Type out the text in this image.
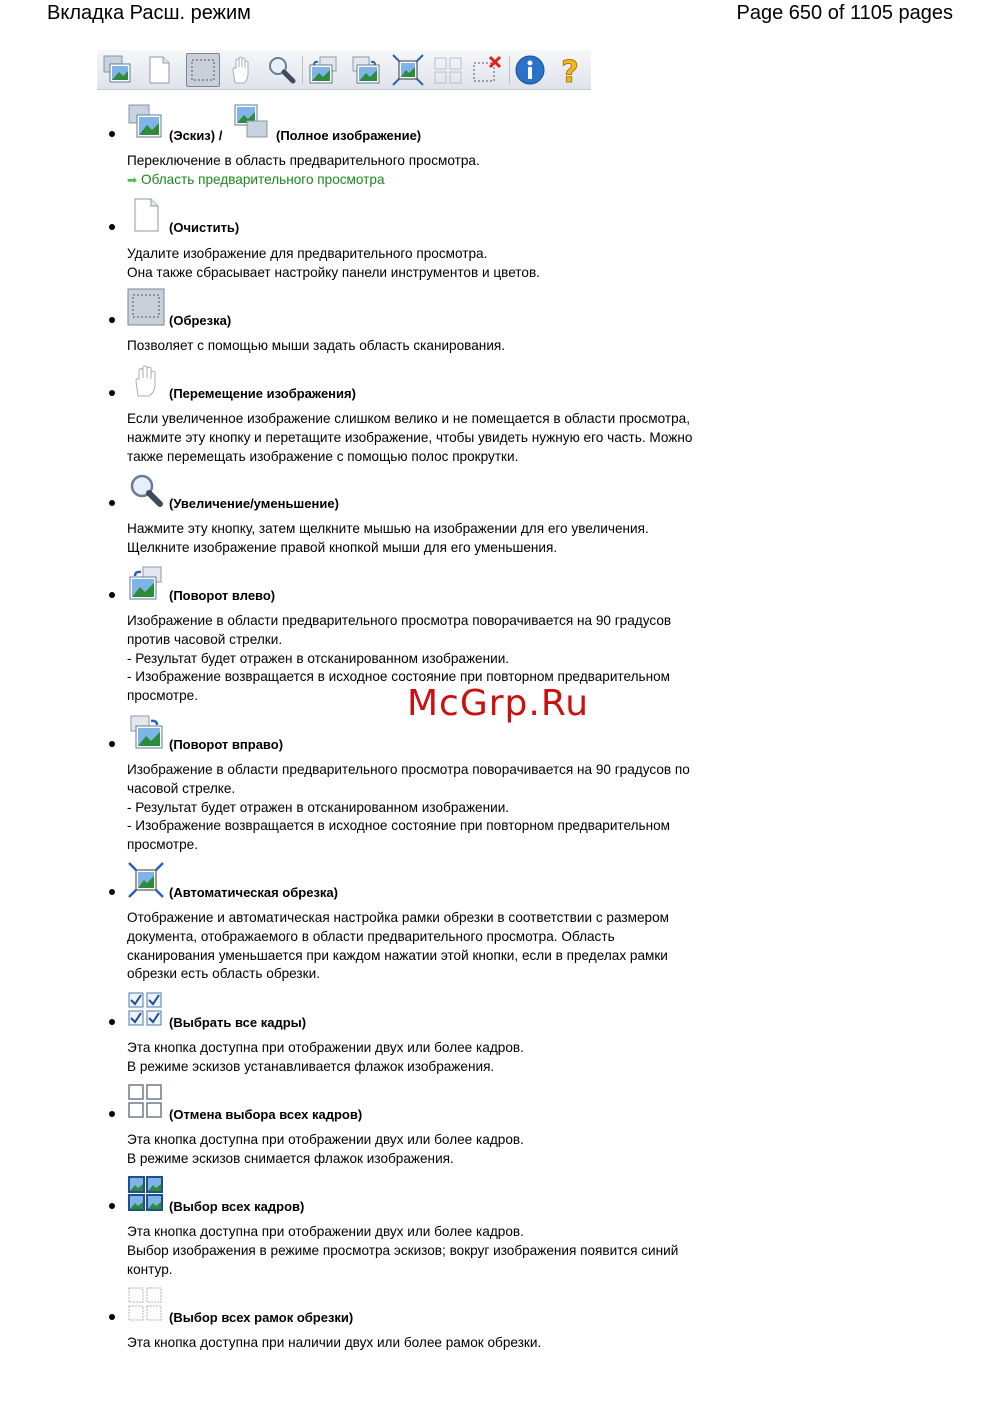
Вкладка Расш. режим	Page 650 of 1105 pages
?
(Эскиз) /	(Полное изображение)
Переключение в область предварительного просмотра.
➡ Область предварительного просмотра
(Очистить)
Удалите изображение для предварительного просмотра.
Она также сбрасывает настройку панели инструментов и цветов.
(Обрезка)
Позволяет с помощью мыши задать область сканирования.
(Перемещение изображения)
Если увеличенное изображение слишком велико и не помещается в области просмотра,
нажмите эту кнопку и перетащите изображение, чтобы увидеть нужную его часть. Можно
также перемещать изображение с помощью полос прокрутки.
(Увеличение/уменьшение)
Нажмите эту кнопку, затем щелкните мышью на изображении для его увеличения.
Щелкните изображение правой кнопкой мыши для его уменьшения.
(Поворот влево)
Изображение в области предварительного просмотра поворачивается на 90 градусов
против часовой стрелки.
- Результат будет отражен в отсканированном изображении.
- Изображение возвращается в исходное состояние при повторном предварительном
просмотре.	McGrp.Ru
(Поворот вправо)
Изображение в области предварительного просмотра поворачивается на 90 градусов по
часовой стрелке.
- Результат будет отражен в отсканированном изображении.
- Изображение возвращается в исходное состояние при повторном предварительном
просмотре.
(Автоматическая обрезка)
Отображение и автоматическая настройка рамки обрезки в соответствии с размером
документа, отображаемого в области предварительного просмотра. Область
сканирования уменьшается при каждом нажатии этой кнопки, если в пределах рамки
обрезки есть область обрезки.
(Выбрать все кадры)
Эта кнопка доступна при отображении двух или более кадров.
В режиме эскизов устанавливается флажок изображения.
(Отмена выбора всех кадров)
Эта кнопка доступна при отображении двух или более кадров.
В режиме эскизов снимается флажок изображения.
(Выбор всех кадров)
Эта кнопка доступна при отображении двух или более кадров.
Выбор изображения в режиме просмотра эскизов; вокруг изображения появится синий
контур.
(Выбор всех рамок обрезки)
Эта кнопка доступна при наличии двух или более рамок обрезки.
